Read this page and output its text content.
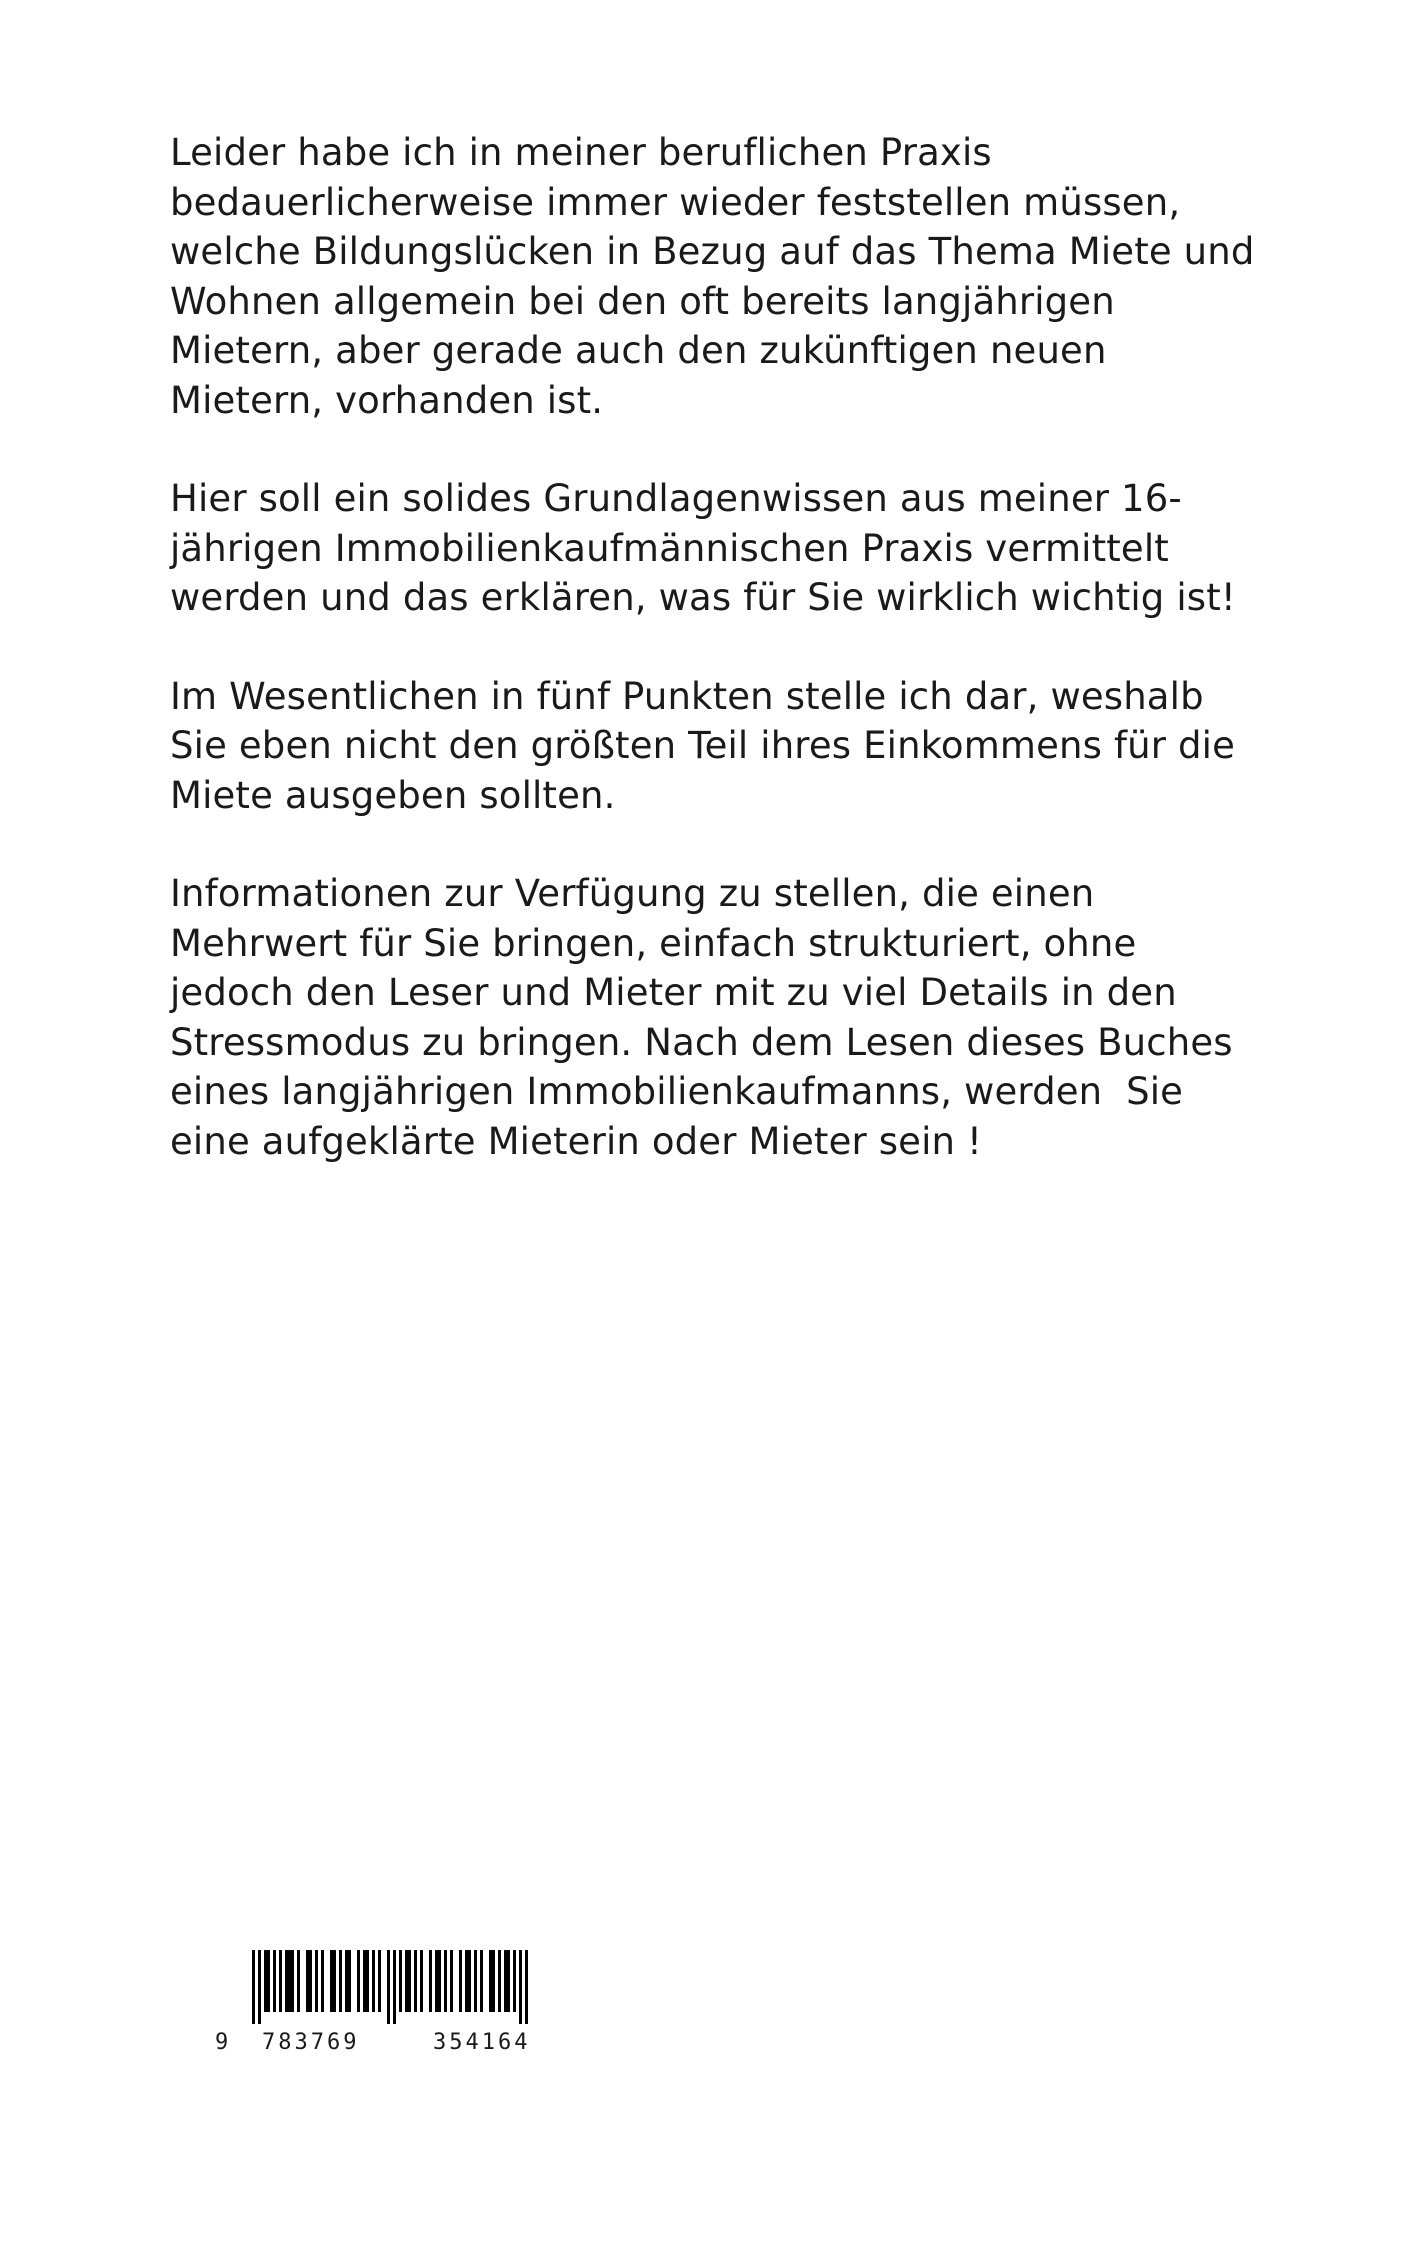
Leider habe ich in meiner beruflichen Praxis
bedauerlicherweise immer wieder feststellen müssen,
welche Bildungslücken in Bezug auf das Thema Miete und
Wohnen allgemein bei den oft bereits langjährigen
Mietern, aber gerade auch den zukünftigen neuen
Mietern, vorhanden ist.

Hier soll ein solides Grundlagenwissen aus meiner 16-
jährigen Immobilienkaufmännischen Praxis vermittelt
werden und das erklären, was für Sie wirklich wichtig ist!

Im Wesentlichen in fünf Punkten stelle ich dar, weshalb
Sie eben nicht den größten Teil ihres Einkommens für die
Miete ausgeben sollten.

Informationen zur Verfügung zu stellen, die einen
Mehrwert für Sie bringen, einfach strukturiert, ohne
jedoch den Leser und Mieter mit zu viel Details in den
Stressmodus zu bringen. Nach dem Lesen dieses Buches
eines langjährigen Immobilienkaufmanns, werden  Sie
eine aufgeklärte Mieterin oder Mieter sein !

9 783769	354164
